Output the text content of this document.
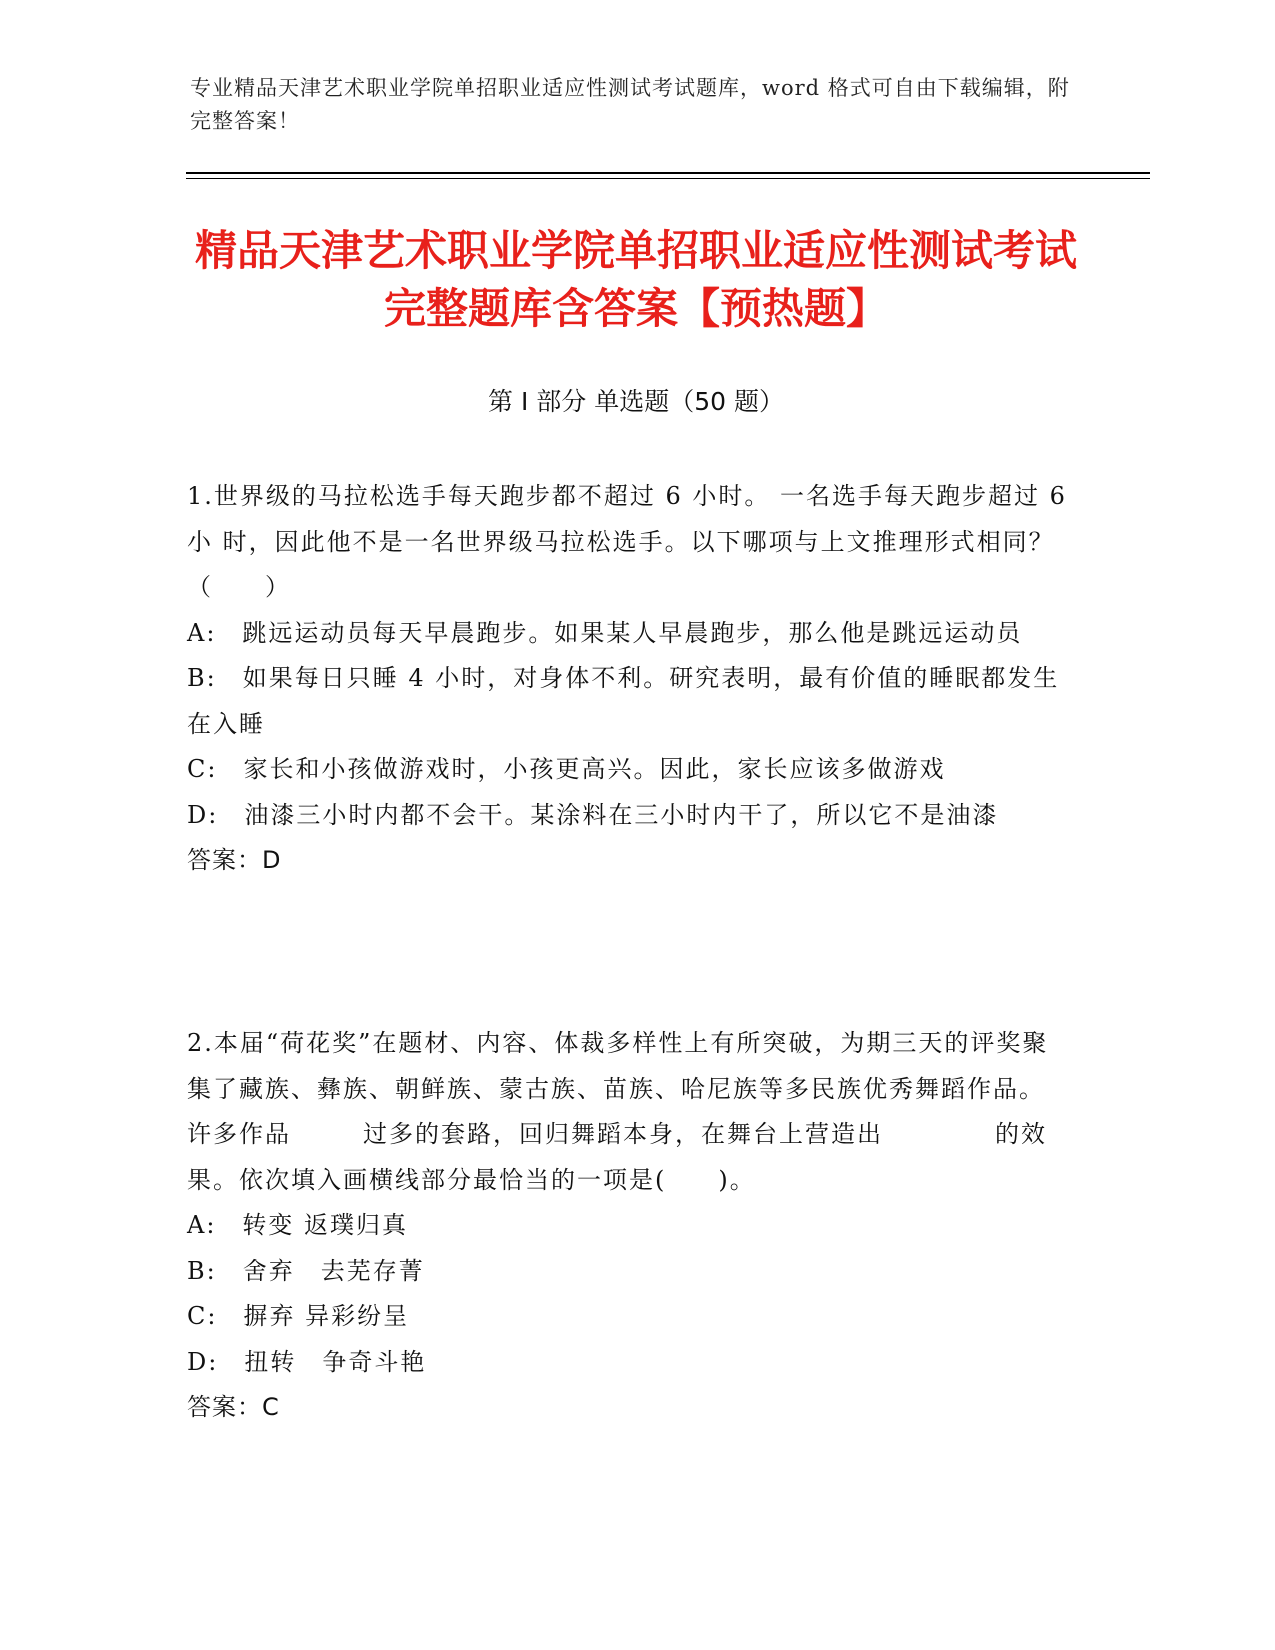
专业精品天津艺术职业学院单招职业适应性测试考试题库，word 格式可自由下载编辑，附完整答案！
精品天津艺术职业学院单招职业适应性测试考试完整题库含答案【预热题】
第 I 部分 单选题（50 题）

1.世界级的马拉松选手每天跑步都不超过 6 小时。 一名选手每天跑步超过 6 小 时，因此他不是一名世界级马拉松选手。以下哪项与上文推理形式相同？（　　）

A:　跳远运动员每天早晨跑步。如果某人早晨跑步，那么他是跳远运动员

B:　如果每日只睡 4 小时，对身体不利。研究表明，最有价值的睡眠都发生在入睡

C:　家长和小孩做游戏时，小孩更高兴。因此，家长应该多做游戏

D:　油漆三小时内都不会干。某涂料在三小时内干了，所以它不是油漆

答案：D

2.本届“荷花奖”在题材、内容、体裁多样性上有所突破，为期三天的评奖聚 集了藏族、彝族、朝鲜族、蒙古族、苗族、哈尼族等多民族优秀舞蹈作品。许多作品	过多的套路，回归舞蹈本身，在舞台上营造出	的效果。依次填入画横线部分最恰当的一项是(　　)。

A:　转变 返璞归真

B:　舍弃　去芜存菁

C:　摒弃 异彩纷呈

D:　扭转　争奇斗艳

答案：C
